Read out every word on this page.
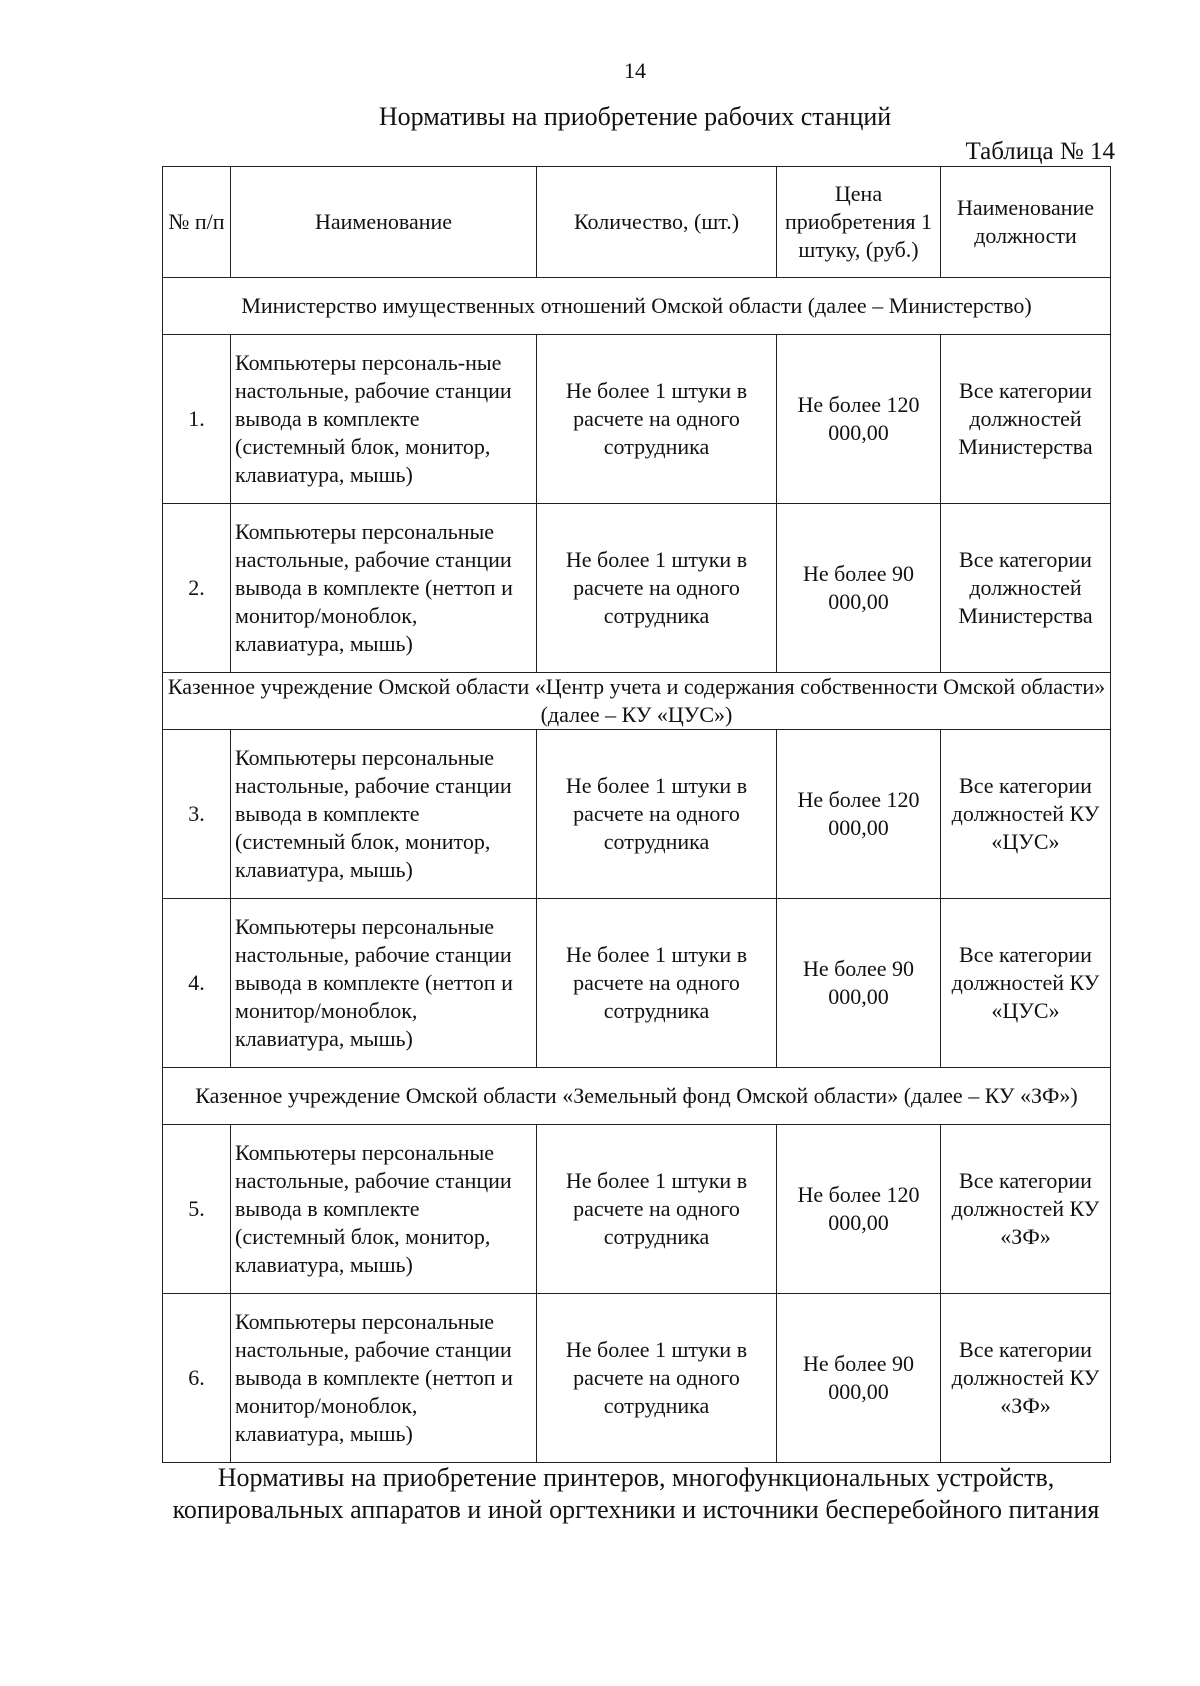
14
Нормативы на приобретение рабочих станций
Таблица № 14
№ п/п	Наименование	Количество, (шт.)	Цена приобретения 1 штуку, (руб.)	Наименование должности
Министерство имущественных отношений Омской области (далее – Министерство)				
1.	Компьютеры персональ-ные настольные, рабочие станции вывода в комплекте (системный блок, монитор, клавиатура, мышь)	Не более 1 штуки в расчете на одного сотрудника	Не более 120 000,00	Все категории должностей Министерства
2.	Компьютеры персональные настольные, рабочие станции вывода в комплекте (неттоп и монитор/моноблок, клавиатура, мышь)	Не более 1 штуки в расчете на одного сотрудника	Не более 90 000,00	Все категории должностей Министерства
Казенное учреждение Омской области «Центр учета и содержания собственности Омской области» (далее – КУ «ЦУС»)				
3.	Компьютеры персональные настольные, рабочие станции вывода в комплекте (системный блок, монитор, клавиатура, мышь)	Не более 1 штуки в расчете на одного сотрудника	Не более 120 000,00	Все категории должностей КУ «ЦУС»
4.	Компьютеры персональные настольные, рабочие станции вывода в комплекте (неттоп и монитор/моноблок, клавиатура, мышь)	Не более 1 штуки в расчете на одного сотрудника	Не более 90 000,00	Все категории должностей КУ «ЦУС»
Казенное учреждение Омской области «Земельный фонд Омской области» (далее – КУ «ЗФ»)				
5.	Компьютеры персональные настольные, рабочие станции вывода в комплекте (системный блок, монитор, клавиатура, мышь)	Не более 1 штуки в расчете на одного сотрудника	Не более 120 000,00	Все категории должностей КУ «ЗФ»
6.	Компьютеры персональные настольные, рабочие станции вывода в комплекте (неттоп и монитор/моноблок, клавиатура, мышь)	Не более 1 штуки в расчете на одного сотрудника	Не более 90 000,00	Все категории должностей КУ «ЗФ»
Нормативы на приобретение принтеров, многофункциональных устройств, копировальных аппаратов и иной оргтехники и источники бесперебойного питания
